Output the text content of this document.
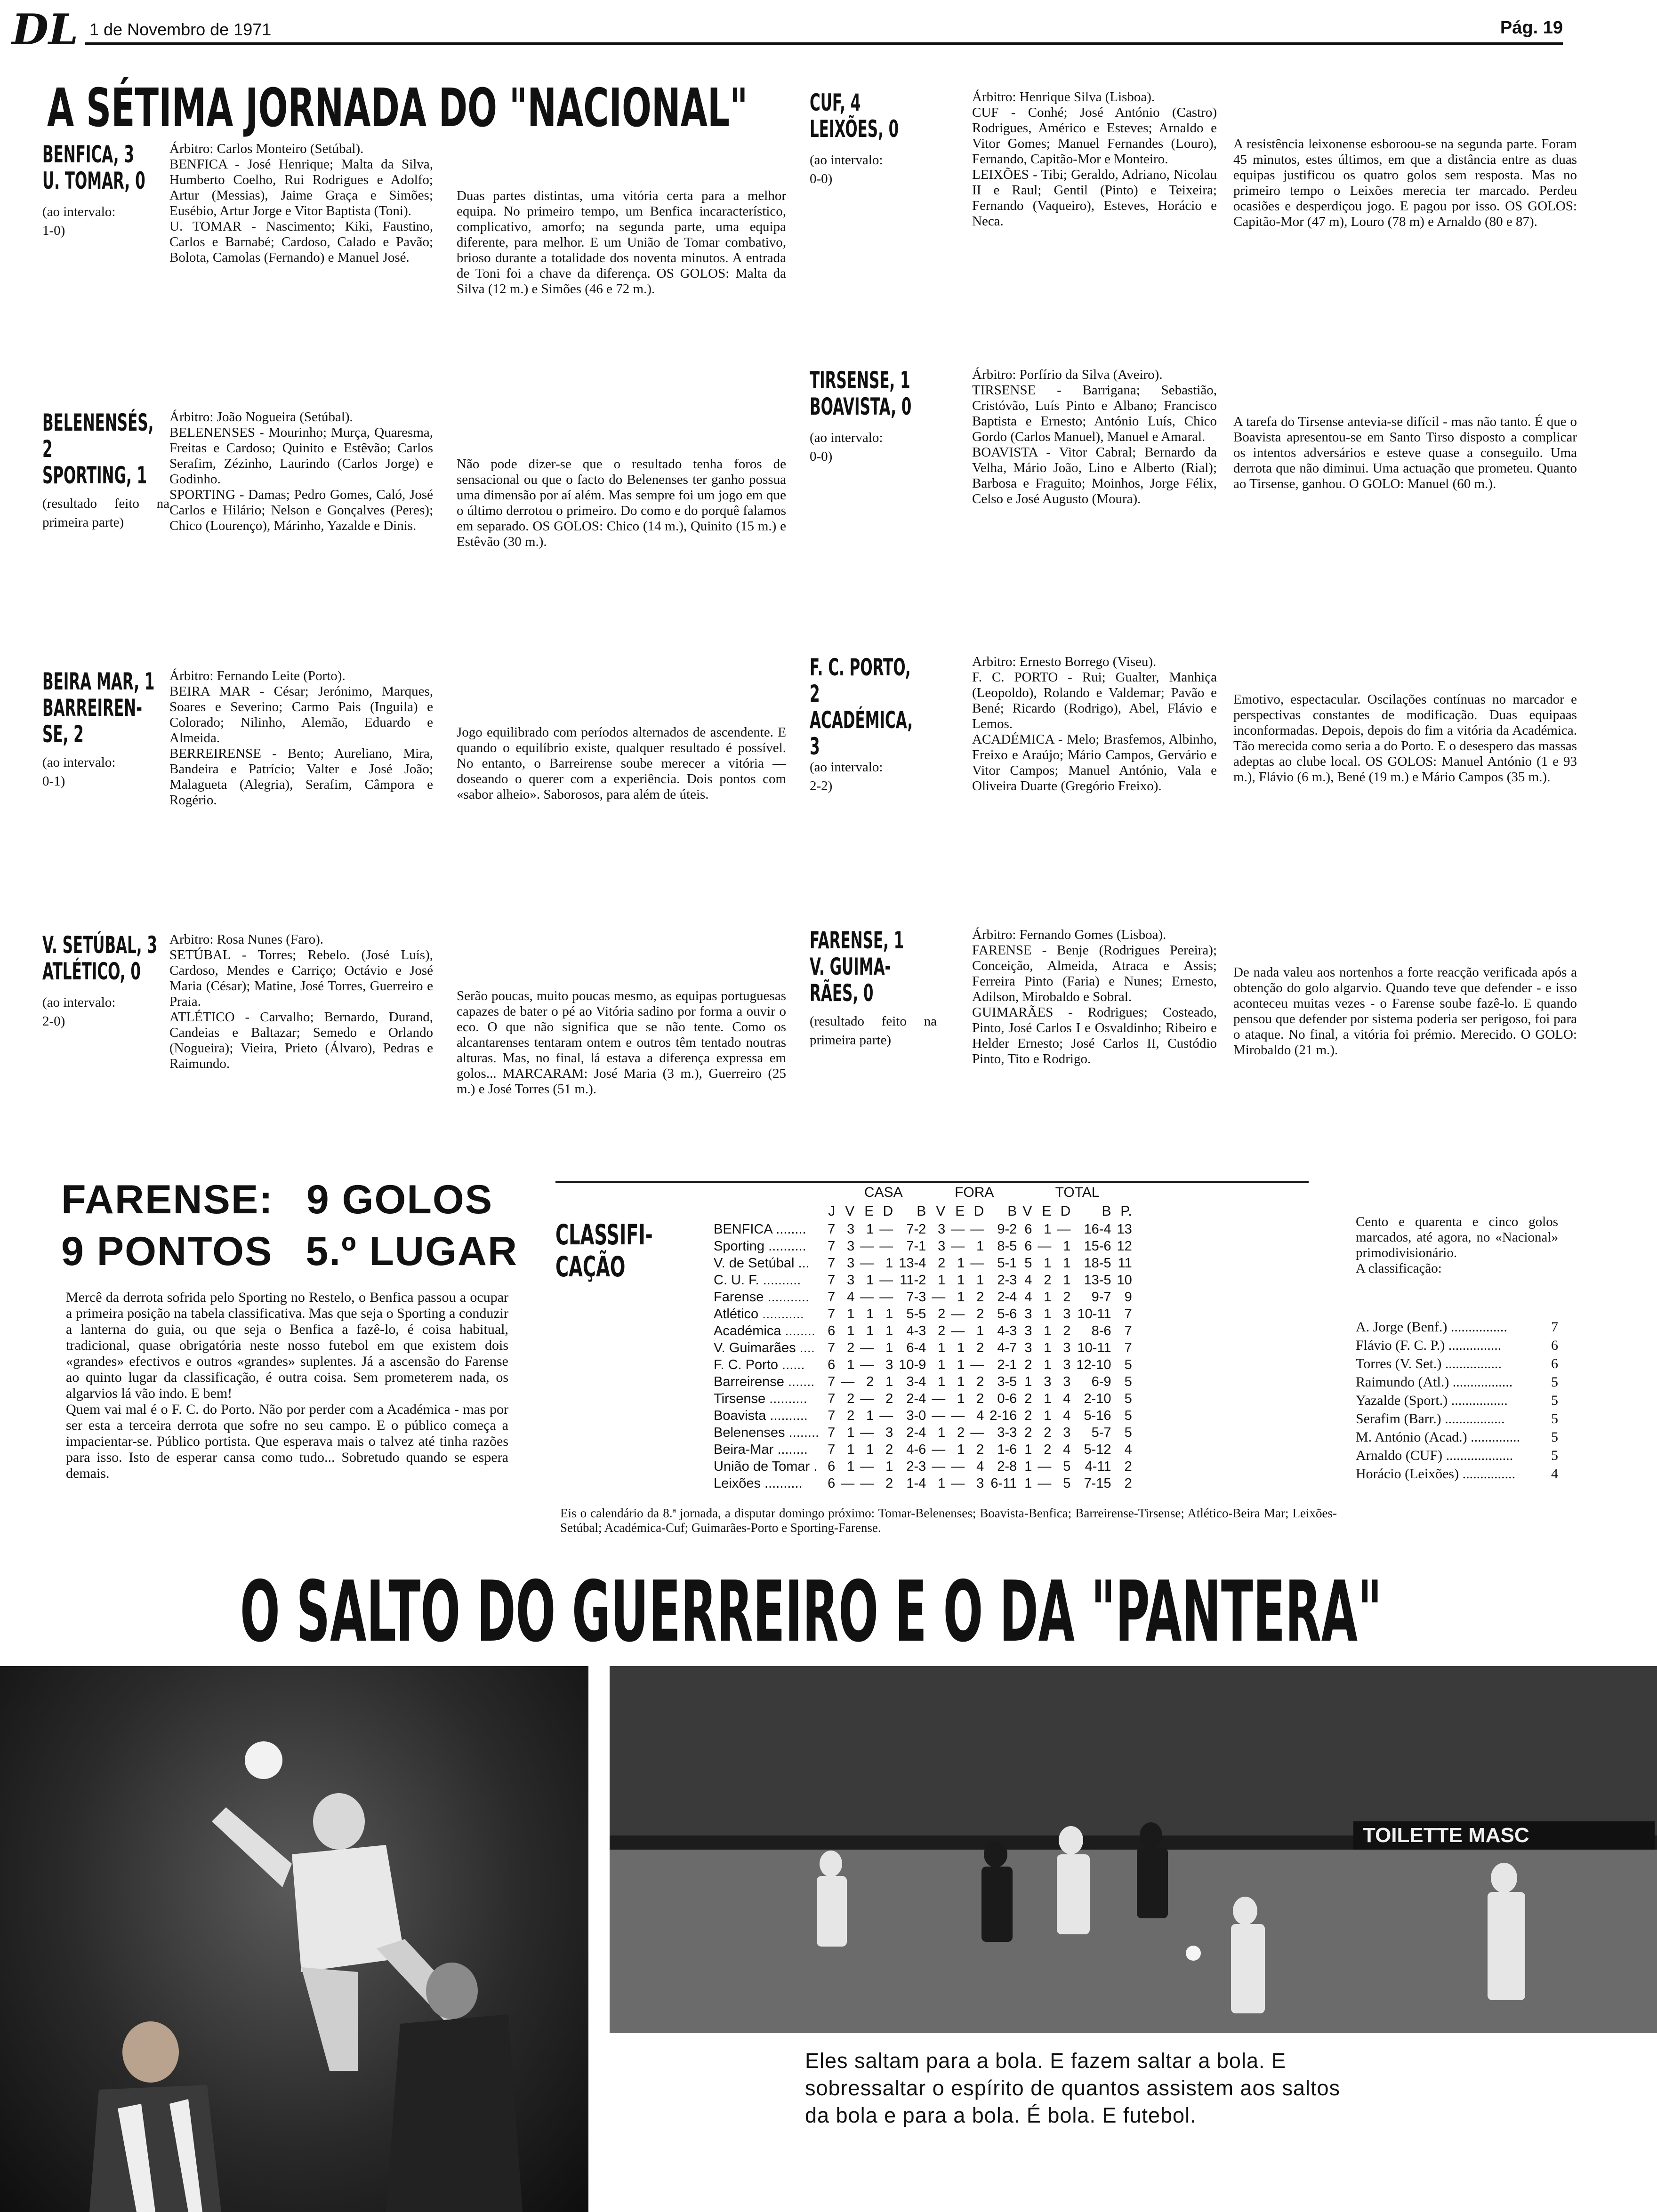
DL 1 de Novembro de 1971	Pág. 19
A SÉTIMA JORNADA DO "NACIONAL"
BENFICA, 3
U. TOMAR, 0
(ao intervalo:
1-0)
Árbitro: Carlos Monteiro (Setúbal).
BENFICA - José Henrique; Malta da Silva, Humberto Coelho, Rui Rodrigues e Adolfo; Artur (Messias), Jaime Graça e Simões; Eusébio, Artur Jorge e Vitor Baptista (Toni).
U. TOMAR - Nascimento; Kiki, Faustino, Carlos e Barnabé; Cardoso, Calado e Pavão; Bolota, Camolas (Fernando) e Manuel José.
Duas partes distintas, uma vitória certa para a melhor equipa. No primeiro tempo, um Benfica incaracterístico, complicativo, amorfo; na segunda parte, uma equipa diferente, para melhor. E um União de Tomar combativo, brioso durante a totalidade dos noventa minutos. A entrada de Toni foi a chave da diferença. OS GOLOS: Malta da Silva (12 m.) e Simões (46 e 72 m.).
BELENENSÉS,
2
SPORTING, 1
(resultado feito na primeira parte)
Árbitro: João Nogueira (Setúbal).
BELENENSES - Mourinho; Murça, Quaresma, Freitas e Cardoso; Quinito e Estêvão; Carlos Serafim, Zézinho, Laurindo (Carlos Jorge) e Godinho.
SPORTING - Damas; Pedro Gomes, Caló, José Carlos e Hilário; Nelson e Gonçalves (Peres); Chico (Lourenço), Márinho, Yazalde e Dinis.
Não pode dizer-se que o resultado tenha foros de sensacional ou que o facto do Belenenses ter ganho possua uma dimensão por aí além. Mas sempre foi um jogo em que o último derrotou o primeiro. Do como e do porquê falamos em separado. OS GOLOS: Chico (14 m.), Quinito (15 m.) e Estêvão (30 m.).
BEIRA MAR, 1
BARREIREN-
SE, 2
(ao intervalo:
0-1)
Árbitro: Fernando Leite (Porto).
BEIRA MAR - César; Jerónimo, Marques, Soares e Severino; Carmo Pais (Inguila) e Colorado; Nilinho, Alemão, Eduardo e Almeida.
BERREIRENSE - Bento; Aureliano, Mira, Bandeira e Patrício; Valter e José João; Malagueta (Alegria), Serafim, Câmpora e Rogério.
Jogo equilibrado com períodos alternados de ascendente. E quando o equilíbrio existe, qualquer resultado é possível. No entanto, o Barreirense soube merecer a vitória — doseando o querer com a experiência. Dois pontos com «sabor alheio». Saborosos, para além de úteis.
V. SETÚBAL, 3
ATLÉTICO, 0
(ao intervalo:
2-0)
Arbitro: Rosa Nunes (Faro).
SETÚBAL - Torres; Rebelo. (José Luís), Cardoso, Mendes e Carriço; Octávio e José Maria (César); Matine, José Torres, Guerreiro e Praia.
ATLÉTICO - Carvalho; Bernardo, Durand, Candeias e Baltazar; Semedo e Orlando (Nogueira); Vieira, Prieto (Álvaro), Pedras e Raimundo.
Serão poucas, muito poucas mesmo, as equipas portuguesas capazes de bater o pé ao Vitória sadino por forma a ouvir o eco. O que não significa que se não tente. Como os alcantarenses tentaram ontem e outros têm tentado noutras alturas. Mas, no final, lá estava a diferença expressa em golos... MARCARAM: José Maria (3 m.), Guerreiro (25 m.) e José Torres (51 m.).
CUF, 4
LEIXÕES, 0
(ao intervalo:
0-0)
Árbitro: Henrique Silva (Lisboa).
CUF - Conhé; José António (Castro) Rodrigues, Américo e Esteves; Arnaldo e Vitor Gomes; Manuel Fernandes (Louro), Fernando, Capitão-Mor e Monteiro.
LEIXÕES - Tibi; Geraldo, Adriano, Nicolau II e Raul; Gentil (Pinto) e Teixeira; Fernando (Vaqueiro), Esteves, Horácio e Neca.
A resistência leixonense esboroou-se na segunda parte. Foram 45 minutos, estes últimos, em que a distância entre as duas equipas justificou os quatro golos sem resposta. Mas no primeiro tempo o Leixões merecia ter marcado. Perdeu ocasiões e desperdiçou jogo. E pagou por isso. OS GOLOS: Capitão-Mor (47 m), Louro (78 m) e Arnaldo (80 e 87).
TIRSENSE, 1
BOAVISTA, 0
(ao intervalo:
0-0)
Árbitro: Porfírio da Silva (Aveiro).
TIRSENSE - Barrigana; Sebastião, Cristóvão, Luís Pinto e Albano; Francisco Baptista e Ernesto; António Luís, Chico Gordo (Carlos Manuel), Manuel e Amaral.
BOAVISTA - Vitor Cabral; Bernardo da Velha, Mário João, Lino e Alberto (Rial); Barbosa e Fraguito; Moinhos, Jorge Félix, Celso e José Augusto (Moura).
A tarefa do Tirsense antevia-se difícil - mas não tanto. É que o Boavista apresentou-se em Santo Tirso disposto a complicar os intentos adversários e esteve quase a conseguilo. Uma derrota que não diminui. Uma actuação que prometeu. Quanto ao Tirsense, ganhou. O GOLO: Manuel (60 m.).
F. C. PORTO,
2
ACADÉMICA,
3
(ao intervalo:
2-2)
Arbitro: Ernesto Borrego (Viseu).
F. C. PORTO - Rui; Gualter, Manhiça (Leopoldo), Rolando e Valdemar; Pavão e Bené; Ricardo (Rodrigo), Abel, Flávio e Lemos.
ACADÉMICA - Melo; Brasfemos, Albinho, Freixo e Araújo; Mário Campos, Gervário e Vitor Campos; Manuel António, Vala e Oliveira Duarte (Gregório Freixo).
Emotivo, espectacular. Oscilações contínuas no marcador e perspectivas constantes de modificação. Duas equipaas inconformadas. Depois, depois do fim a vitória da Académica. Tão merecida como seria a do Porto. E o desespero das massas adeptas ao clube local. OS GOLOS: Manuel António (1 e 93 m.), Flávio (6 m.), Bené (19 m.) e Mário Campos (35 m.).
FARENSE, 1
V. GUIMA-
RÃES, 0
(resultado feito na primeira parte)
Árbitro: Fernando Gomes (Lisboa).
FARENSE - Benje (Rodrigues Pereira); Conceição, Almeida, Atraca e Assis; Ferreira Pinto (Faria) e Nunes; Ernesto, Adilson, Mirobaldo e Sobral.
GUIMARÃES - Rodrigues; Costeado, Pinto, José Carlos I e Osvaldinho; Ribeiro e Helder Ernesto; José Carlos II, Custódio Pinto, Tito e Rodrigo.
De nada valeu aos nortenhos a forte reacção verificada após a obtenção do golo algarvio. Quando teve que defender - e isso aconteceu muitas vezes - o Farense soube fazê-lo. E quando pensou que defender por sistema poderia ser perigoso, foi para o ataque. No final, a vitória foi prémio. Merecido. O GOLO: Mirobaldo (21 m.).
FARENSE: 9 GOLOS
9 PONTOS 5.º LUGAR
Mercê da derrota sofrida pelo Sporting no Restelo, o Benfica passou a ocupar a primeira posição na tabela classificativa. Mas que seja o Sporting a conduzir a lanterna do guia, ou que seja o Benfica a fazê-lo, é coisa habitual, tradicional, quase obrigatória neste nosso futebol em que existem dois «grandes» efectivos e outros «grandes» suplentes. Já a ascensão do Farense ao quinto lugar da classificação, é outra coisa. Sem prometerem nada, os algarvios lá vão indo. E bem!
Quem vai mal é o F. C. do Porto. Não por perder com a Académica - mas por ser esta a terceira derrota que sofre no seu campo. E o público começa a impacientar-se. Público portista. Que esperava mais o talvez até tinha razões para isso. Isto de esperar cansa como tudo... Sobretudo quando se espera demais.
CLASSIFI-
CAÇÃO
		CASA				FORA				TOTAL				
	J	V	E	D	B	V	E	D	B	V	E	D	B	P.
BENFICA ........	7	3	1	—	7-2	3	—	—	9-2	6	1	—	16-4	13
Sporting ..........	7	3	—	—	7-1	3	—	1	8-5	6	—	1	15-6	12
V. de Setúbal ...	7	3	—	1	13-4	2	1	—	5-1	5	1	1	18-5	11
C. U. F. ..........	7	3	1	—	11-2	1	1	1	2-3	4	2	1	13-5	10
Farense ...........	7	4	—	—	7-3	—	1	2	2-4	4	1	2	9-7	9
Atlético ...........	7	1	1	1	5-5	2	—	2	5-6	3	1	3	10-11	7
Académica ........	6	1	1	1	4-3	2	—	1	4-3	3	1	2	8-6	7
V. Guimarães ....	7	2	—	1	6-4	1	1	2	4-7	3	1	3	10-11	7
F. C. Porto ......	6	1	—	3	10-9	1	1	—	2-1	2	1	3	12-10	5
Barreirense .......	7	—	2	1	3-4	1	1	2	3-5	1	3	3	6-9	5
Tirsense ..........	7	2	—	2	2-4	—	1	2	0-6	2	1	4	2-10	5
Boavista ..........	7	2	1	—	3-0	—	—	4	2-16	2	1	4	5-16	5
Belenenses ........	7	1	—	3	2-4	1	2	—	3-3	2	2	3	5-7	5
Beira-Mar ........	7	1	1	2	4-6	—	1	2	1-6	1	2	4	5-12	4
União de Tomar .	6	1	—	1	2-3	—	—	4	2-8	1	—	5	4-11	2
Leixões ..........	6	—	—	2	1-4	1	—	3	6-11	1	—	5	7-15	2
Eis o calendário da 8.ª jornada, a disputar domingo próximo: Tomar-Belenenses; Boavista-Benfica; Barreirense-Tirsense; Atlético-Beira Mar; Leixões-Setúbal; Académica-Cuf; Guimarães-Porto e Sporting-Farense.
Cento e quarenta e cinco golos marcados, até agora, no «Nacional» primodivisionário.
A classificação:
A. Jorge (Benf.) ................	7
Flávio (F. C. P.) ...............	6
Torres (V. Set.) ................	6
Raimundo (Atl.) .................	5
Yazalde (Sport.) ................	5
Serafim (Barr.) .................	5
M. António (Acad.) .............. 5
Arnaldo (CUF) ...................	5
Horácio (Leixões) ...............	4
O SALTO DO GUERREIRO E O DA "PANTERA"
TOILETTE MASC
Eles saltam para a bola. E fazem saltar a bola. E sobressaltar o espírito de quantos assistem aos saltos da bola e para a bola. É bola. E futebol.
